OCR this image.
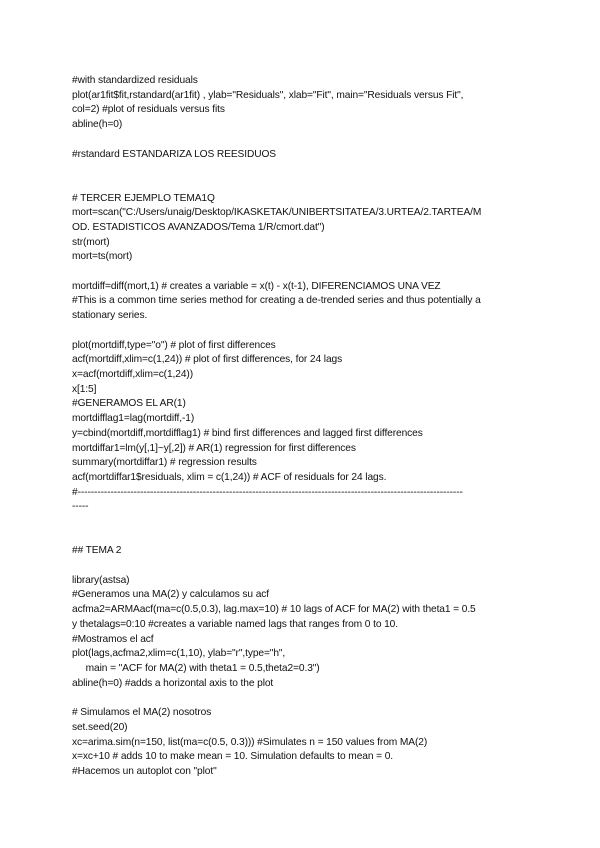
#with standardized residuals
plot(ar1fit$fit,rstandard(ar1fit) , ylab="Residuals", xlab="Fit", main="Residuals versus Fit",
col=2) #plot of residuals versus fits
abline(h=0)
#rstandard ESTANDARIZA LOS REESIDUOS
# TERCER EJEMPLO TEMA1Q
mort=scan("C:/Users/unaig/Desktop/IKASKETAK/UNIBERTSITATEA/3.URTEA/2.TARTEA/M
OD. ESTADISTICOS AVANZADOS/Tema 1/R/cmort.dat")
str(mort)
mort=ts(mort)
mortdiff=diff(mort,1) # creates a variable = x(t) - x(t-1), DIFERENCIAMOS UNA VEZ
#This is a common time series method for creating a de-trended series and thus potentially a
stationary series.
plot(mortdiff,type="o") # plot of first differences
acf(mortdiff,xlim=c(1,24)) # plot of first differences, for 24 lags
x=acf(mortdiff,xlim=c(1,24))
x[1:5]
#GENERAMOS EL AR(1)
mortdifflag1=lag(mortdiff,-1)
y=cbind(mortdiff,mortdifflag1) # bind first differences and lagged first differences
mortdiffar1=lm(y[,1]~y[,2]) # AR(1) regression for first differences
summary(mortdiffar1) # regression results
acf(mortdiffar1$residuals, xlim = c(1,24)) # ACF of residuals for 24 lags.
#---------------------------------------------------------------------------------------------------------------------
-----
## TEMA 2
library(astsa)
#Generamos una MA(2) y calculamos su acf
acfma2=ARMAacf(ma=c(0.5,0.3), lag.max=10) # 10 lags of ACF for MA(2) with theta1 = 0.5
y thetalags=0:10 #creates a variable named lags that ranges from 0 to 10.
#Mostramos el acf
plot(lags,acfma2,xlim=c(1,10), ylab="r",type="h",
main = "ACF for MA(2) with theta1 = 0.5,theta2=0.3")
abline(h=0) #adds a horizontal axis to the plot
# Simulamos el MA(2) nosotros
set.seed(20)
xc=arima.sim(n=150, list(ma=c(0.5, 0.3))) #Simulates n = 150 values from MA(2)
x=xc+10 # adds 10 to make mean = 10. Simulation defaults to mean = 0.
#Hacemos un autoplot con "plot"
